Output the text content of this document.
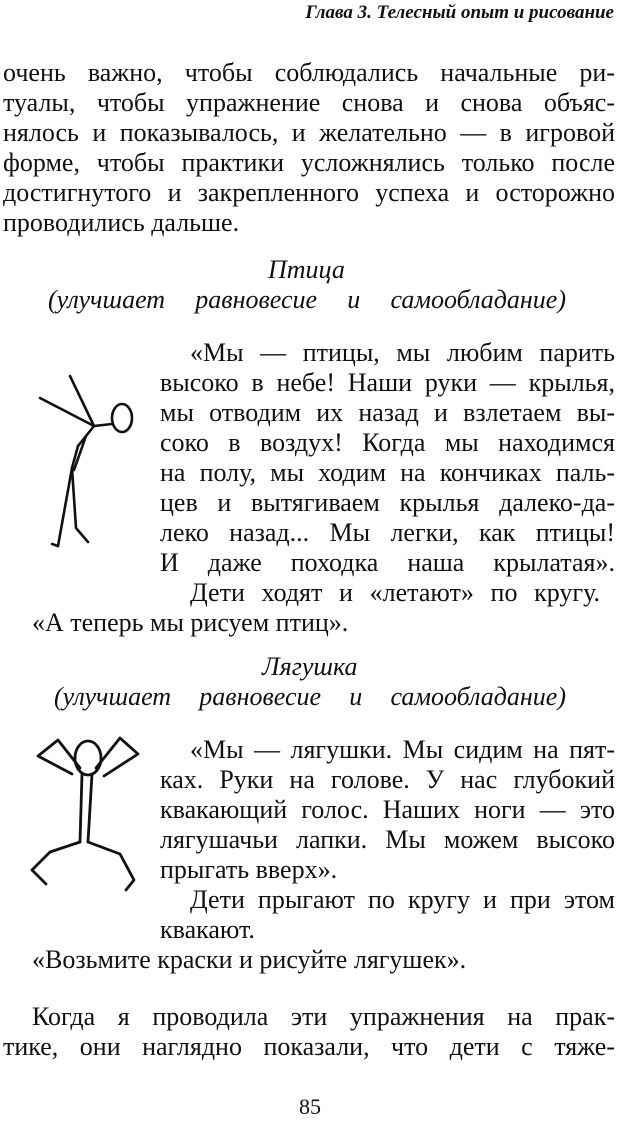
Глава 3. Телесный опыт и рисование
очень важно, чтобы соблюдались начальные ри-
туалы, чтобы упражнение снова и снова объяс-
нялось и показывалось, и желательно — в игровой
форме, чтобы практики усложнялись только после
достигнутого и закрепленного успеха и осторожно
проводились дальше.
Птица
(улучшает равновесие и самообладание)
«Мы — птицы, мы любим парить
высоко в небе! Наши руки — крылья,
мы отводим их назад и взлетаем вы-
соко в воздух! Когда мы находимся
на полу, мы ходим на кончиках паль-
цев и вытягиваем крылья далеко-да-
леко назад... Мы легки, как птицы!
И даже походка наша крылатая».
Дети ходят и «летают» по кругу.
«А теперь мы рисуем птиц».
Лягушка
(улучшает равновесие и самообладание)
«Мы — лягушки. Мы сидим на пят-
ках. Руки на голове. У нас глубокий
квакающий голос. Наших ноги — это
лягушачьи лапки. Мы можем высоко
прыгать вверх».
Дети прыгают по кругу и при этом
квакают.
«Возьмите краски и рисуйте лягушек».
Когда я проводила эти упражнения на прак-
тике, они наглядно показали, что дети с тяже-
85
